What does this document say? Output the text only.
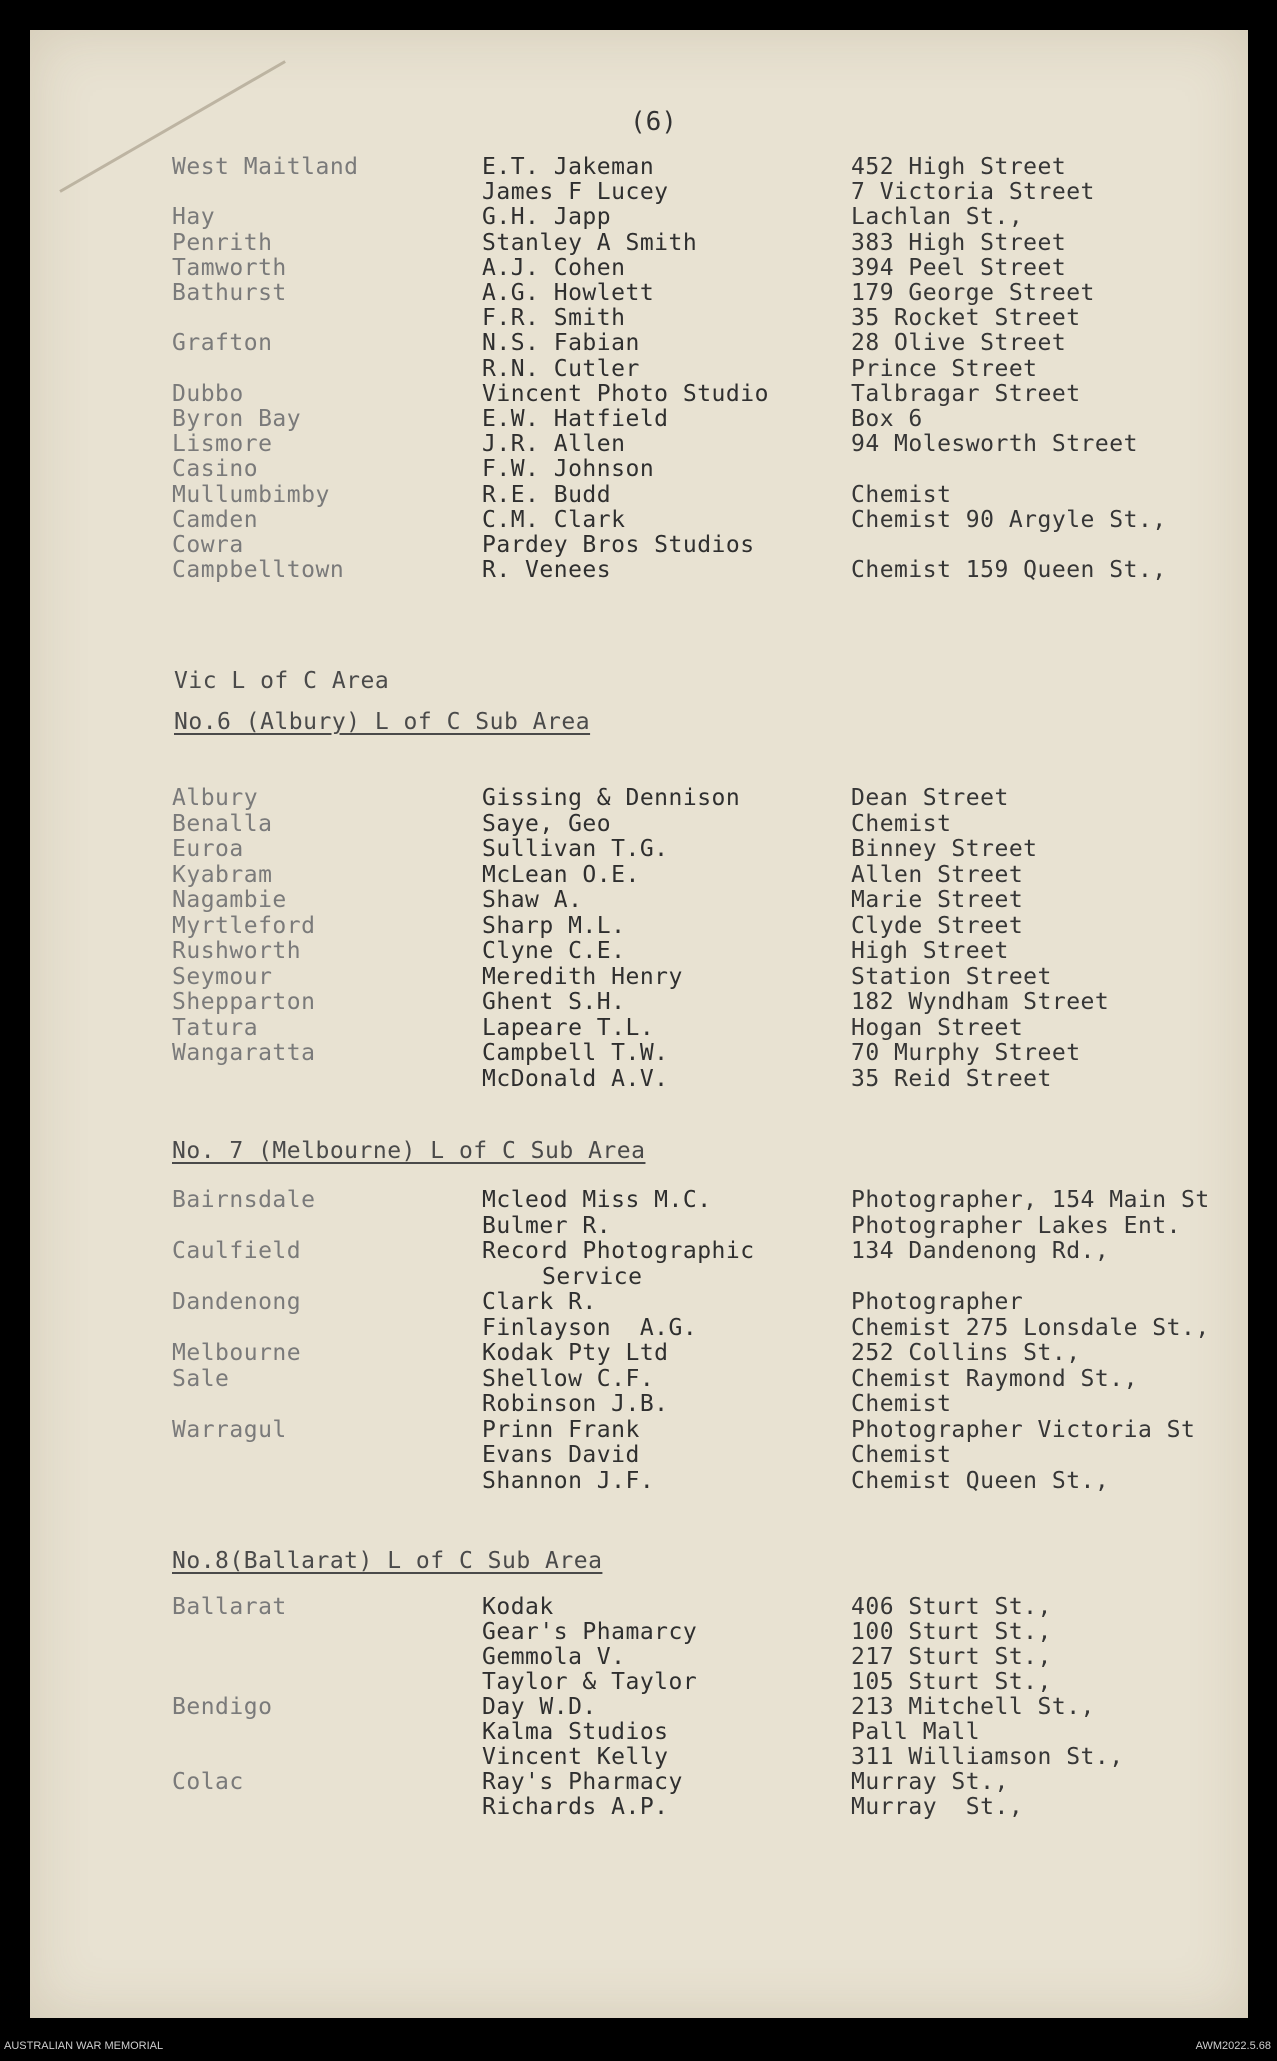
(6)
Vic L of C Area
No.6 (Albury) L of C Sub Area
No. 7 (Melbourne) L of C Sub Area
No.8(Ballarat) L of C Sub Area
AUSTRALIAN WAR MEMORIAL	AWM2022.5.68
West Maitland	E.T. Jakeman	452 High Street
James F Lucey	7 Victoria Street
Hay	G.H. Japp	Lachlan St.,
Penrith	Stanley A Smith	383 High Street
Tamworth	A.J. Cohen	394 Peel Street
Bathurst	A.G. Howlett	179 George Street
F.R. Smith	35 Rocket Street
Grafton	N.S. Fabian	28 Olive Street
R.N. Cutler	Prince Street
Dubbo	Vincent Photo Studio	Talbragar Street
Byron Bay	E.W. Hatfield	Box 6
Lismore	J.R. Allen	94 Molesworth Street
Casino	F.W. Johnson
Mullumbimby	R.E. Budd	Chemist
Camden	C.M. Clark	Chemist 90 Argyle St.,
Cowra	Pardey Bros Studios
Campbelltown	R. Venees	Chemist 159 Queen St.,
Albury	Gissing & Dennison	Dean Street
Benalla	Saye, Geo	Chemist
Euroa	Sullivan T.G.	Binney Street
Kyabram	McLean O.E.	Allen Street
Nagambie	Shaw A.	Marie Street
Myrtleford	Sharp M.L.	Clyde Street
Rushworth	Clyne C.E.	High Street
Seymour	Meredith Henry	Station Street
Shepparton	Ghent S.H.	182 Wyndham Street
Tatura	Lapeare T.L.	Hogan Street
Wangaratta	Campbell T.W.	70 Murphy Street
McDonald A.V.	35 Reid Street
Bairnsdale	Mcleod Miss M.C.	Photographer, 154 Main St
Bulmer R.	Photographer Lakes Ent.
Caulfield	Record Photographic	134 Dandenong Rd.,
Service
Dandenong	Clark R.	Photographer
Finlayson  A.G.	Chemist 275 Lonsdale St.,
Melbourne	Kodak Pty Ltd	252 Collins St.,
Sale	Shellow C.F.	Chemist Raymond St.,
Robinson J.B.	Chemist
Warragul	Prinn Frank	Photographer Victoria St
Evans David	Chemist
Shannon J.F.	Chemist Queen St.,
Ballarat	Kodak	406 Sturt St.,
Gear's Phamarcy	100 Sturt St.,
Gemmola V.	217 Sturt St.,
Taylor & Taylor	105 Sturt St.,
Bendigo	Day W.D.	213 Mitchell St.,
Kalma Studios	Pall Mall
Vincent Kelly	311 Williamson St.,
Colac	Ray's Pharmacy	Murray St.,
Richards A.P.	Murray  St.,
